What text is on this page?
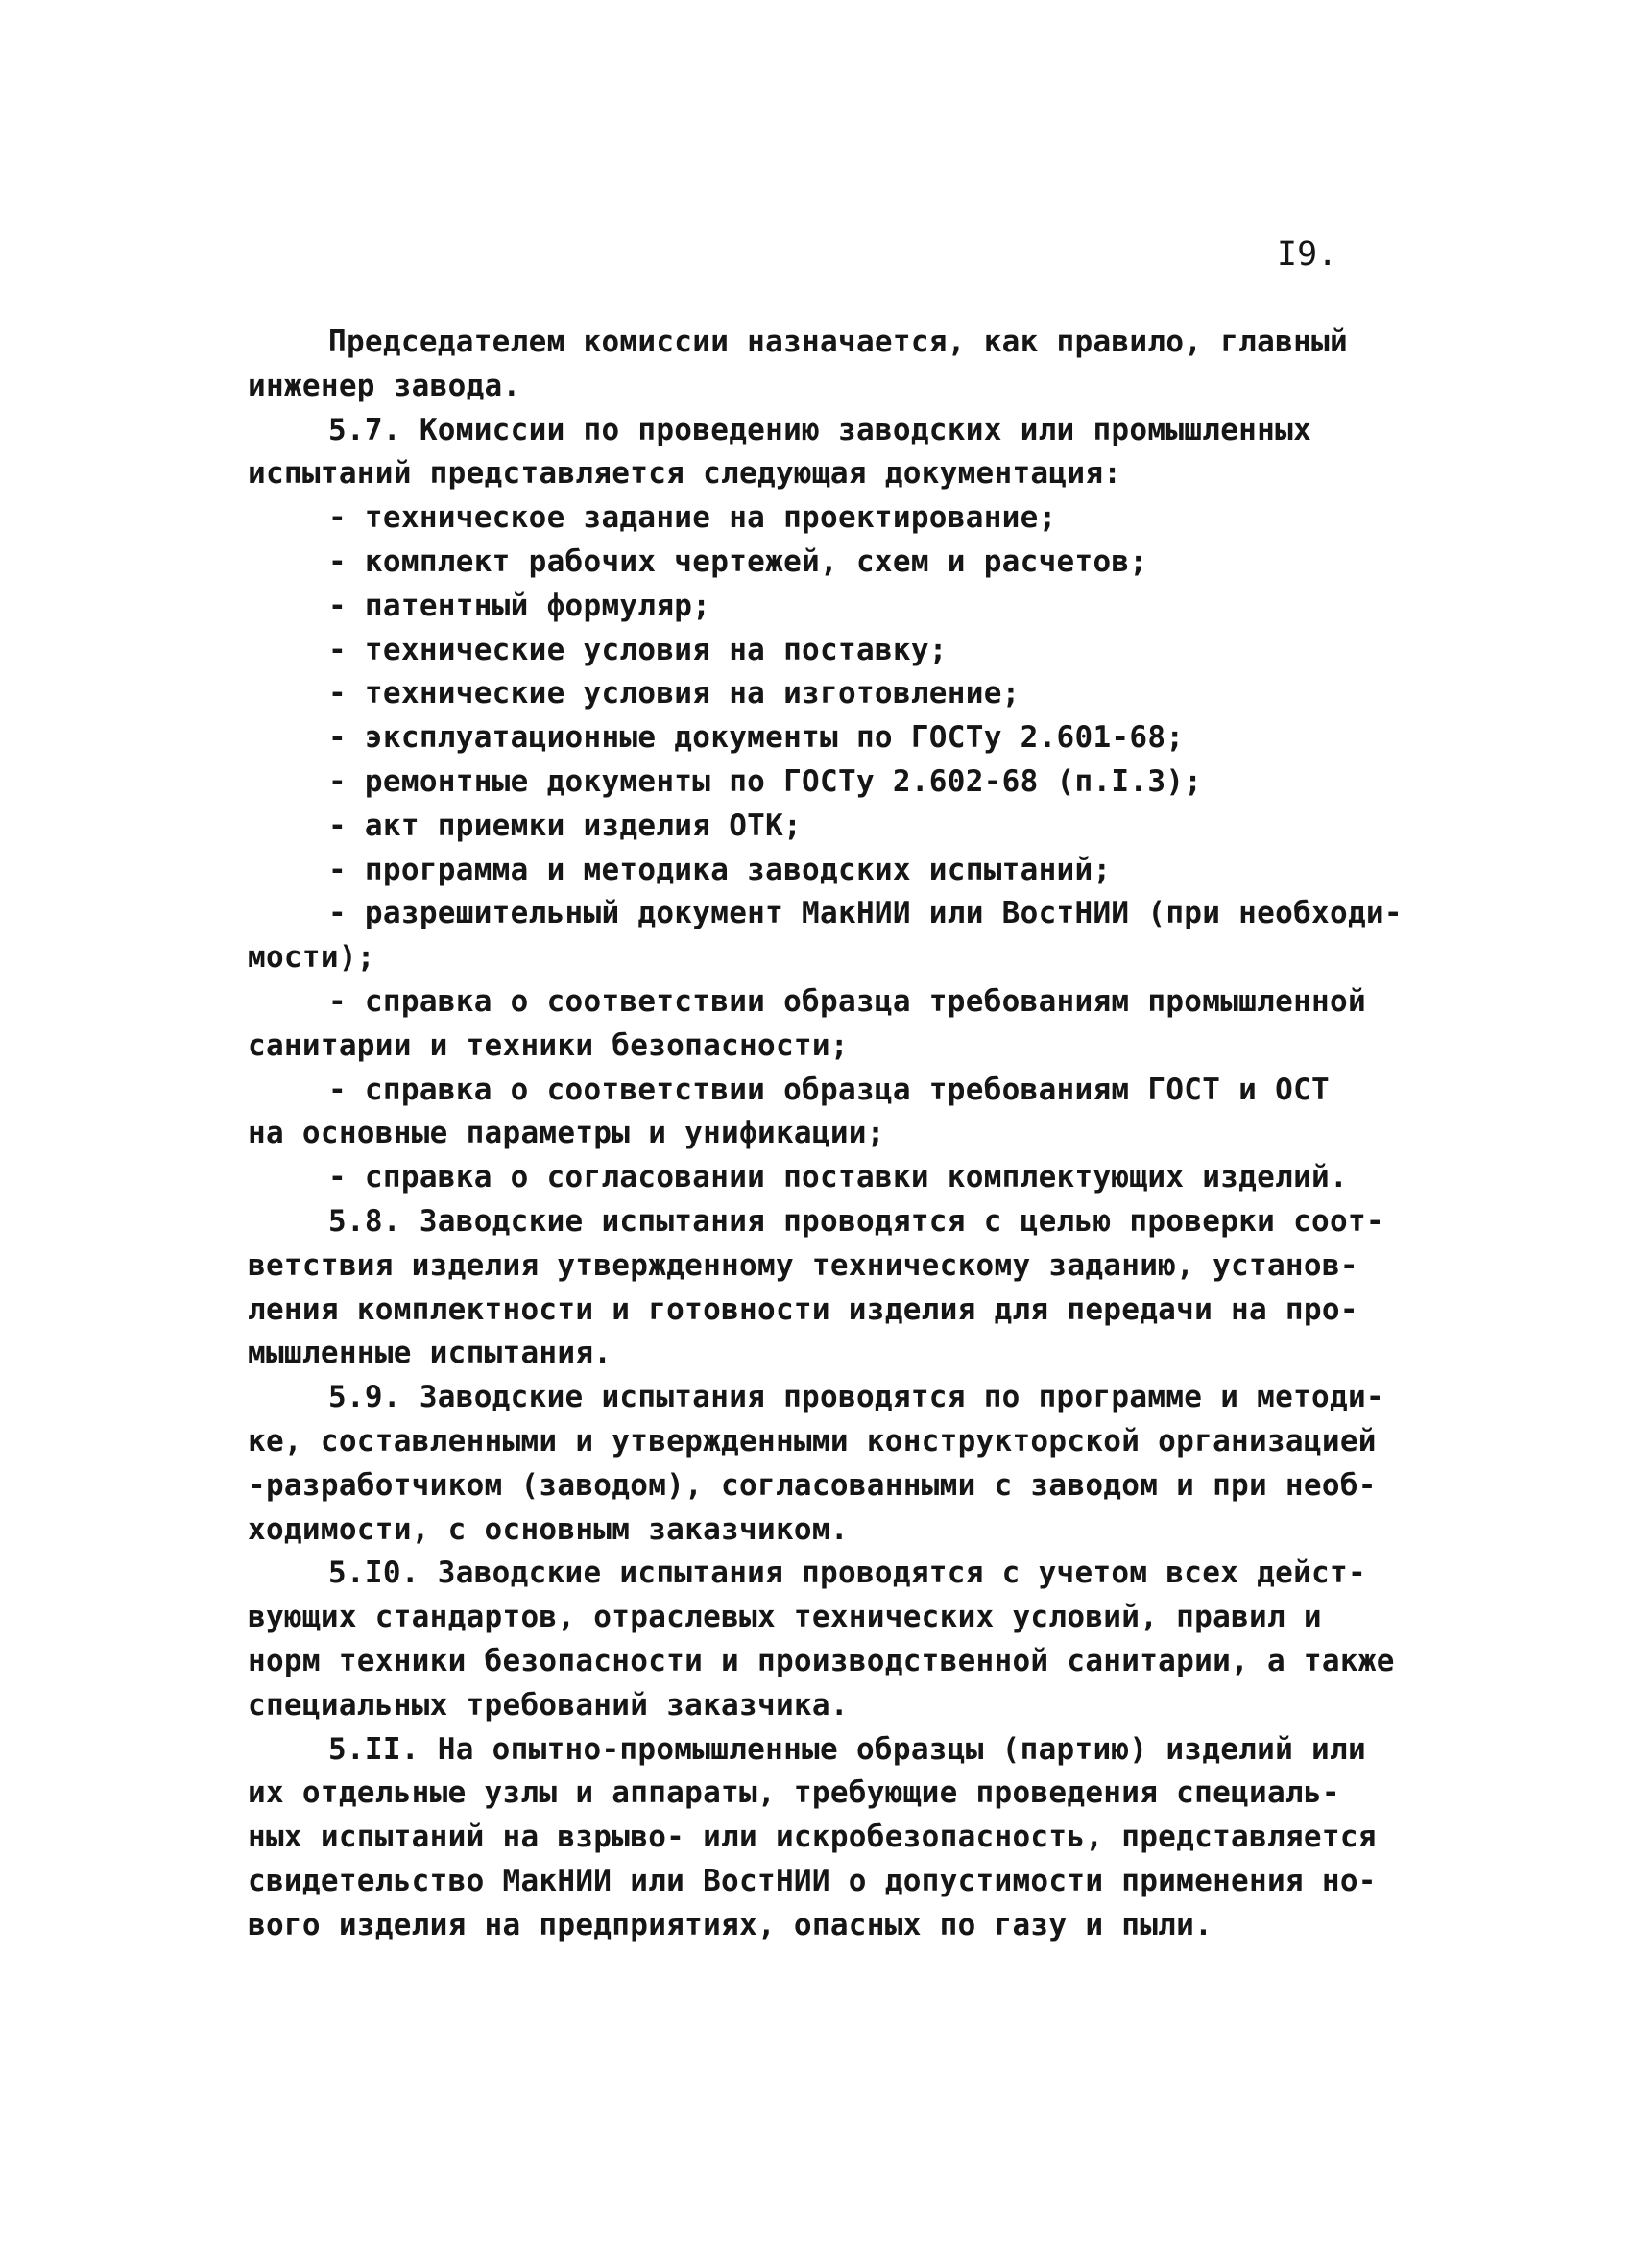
I9.
Председателем комиссии назначается, как правило, главный
инженер завода.
5.7. Комиссии по проведению заводских или промышленных
испытаний представляется следующая документация:
- техническое задание на проектирование;
- комплект рабочих чертежей, схем и расчетов;
- патентный формуляр;
- технические условия на поставку;
- технические условия на изготовление;
- эксплуатационные документы по ГОСТу 2.601-68;
- ремонтные документы по ГОСТу 2.602-68 (п.I.3);
- акт приемки изделия ОТК;
- программа и методика заводских испытаний;
- разрешительный документ МакНИИ или ВостНИИ (при необходи-
мости);
- справка о соответствии образца требованиям промышленной
санитарии и техники безопасности;
- справка о соответствии образца требованиям ГОСТ и ОСТ
на основные параметры и унификации;
- справка о согласовании поставки комплектующих изделий.
5.8. Заводские испытания проводятся с целью проверки соот-
ветствия изделия утвержденному техническому заданию, установ-
ления комплектности и готовности изделия для передачи на про-
мышленные испытания.
5.9. Заводские испытания проводятся по программе и методи-
ке, составленными и утвержденными конструкторской организацией
-разработчиком (заводом), согласованными с заводом и при необ-
ходимости, с основным заказчиком.
5.I0. Заводские испытания проводятся с учетом всех дейст-
вующих стандартов, отраслевых технических условий, правил и
норм техники безопасности и производственной санитарии, а также
специальных требований заказчика.
5.II. На опытно-промышленные образцы (партию) изделий или
их отдельные узлы и аппараты, требующие проведения специаль-
ных испытаний на взрыво- или искробезопасность, представляется
свидетельство МакНИИ или ВостНИИ о допустимости применения но-
вого изделия на предприятиях, опасных по газу и пыли.
